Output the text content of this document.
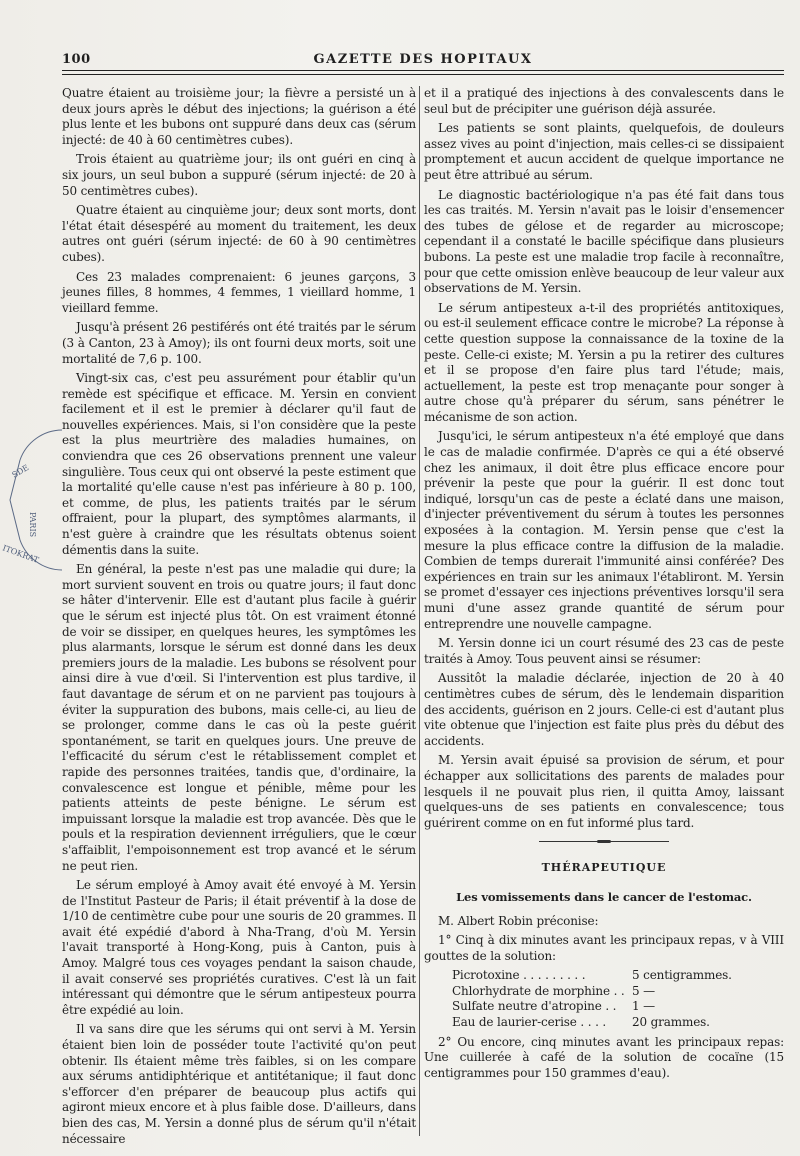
100	GAZETTE DES HOPITAUX
SDE
PARIS
ITOKRAT

Quatre étaient au troisième jour; la fièvre a persisté un à deux jours après le début des injections; la guérison a été plus lente et les bubons ont suppuré dans deux cas (sérum injecté: de 40 à 60 centimètres cubes).

Trois étaient au quatrième jour; ils ont guéri en cinq à six jours, un seul bubon a suppuré (sérum injecté: de 20 à 50 centimètres cubes).

Quatre étaient au cinquième jour; deux sont morts, dont l'état était désespéré au moment du traitement, les deux autres ont guéri (sérum injecté: de 60 à 90 centimètres cubes).

Ces 23 malades comprenaient: 6 jeunes garçons, 3 jeunes filles, 8 hommes, 4 femmes, 1 vieillard homme, 1 vieillard femme.

Jusqu'à présent 26 pestiférés ont été traités par le sérum (3 à Canton, 23 à Amoy); ils ont fourni deux morts, soit une mortalité de 7,6 p. 100.

Vingt-six cas, c'est peu assurément pour établir qu'un remède est spécifique et efficace. M. Yersin en convient facilement et il est le premier à déclarer qu'il faut de nouvelles expériences. Mais, si l'on considère que la peste est la plus meurtrière des maladies humaines, on conviendra que ces 26 observations prennent une valeur singulière. Tous ceux qui ont observé la peste estiment que la mortalité qu'elle cause n'est pas inférieure à 80 p. 100, et comme, de plus, les patients traités par le sérum offraient, pour la plupart, des symptômes alarmants, il n'est guère à craindre que les résultats obtenus soient démentis dans la suite.

En général, la peste n'est pas une maladie qui dure; la mort survient souvent en trois ou quatre jours; il faut donc se hâter d'intervenir. Elle est d'autant plus facile à guérir que le sérum est injecté plus tôt. On est vraiment étonné de voir se dissiper, en quelques heures, les symptômes les plus alarmants, lorsque le sérum est donné dans les deux premiers jours de la maladie. Les bubons se résolvent pour ainsi dire à vue d'œil. Si l'intervention est plus tardive, il faut davantage de sérum et on ne parvient pas toujours à éviter la suppuration des bubons, mais celle-ci, au lieu de se prolonger, comme dans le cas où la peste guérit spontanément, se tarit en quelques jours. Une preuve de l'efficacité du sérum c'est le rétablissement complet et rapide des personnes traitées, tandis que, d'ordinaire, la convalescence est longue et pénible, même pour les patients atteints de peste bénigne. Le sérum est impuissant lorsque la maladie est trop avancée. Dès que le pouls et la respiration deviennent irréguliers, que le cœur s'affaiblit, l'empoisonnement est trop avancé et le sérum ne peut rien.

Le sérum employé à Amoy avait été envoyé à M. Yersin de l'Institut Pasteur de Paris; il était préventif à la dose de 1/10 de centimètre cube pour une souris de 20 grammes. Il avait été expédié d'abord à Nha-Trang, d'où M. Yersin l'avait transporté à Hong-Kong, puis à Canton, puis à Amoy. Malgré tous ces voyages pendant la saison chaude, il avait conservé ses propriétés curatives. C'est là un fait intéressant qui démontre que le sérum antipesteux pourra être expédié au loin.

Il va sans dire que les sérums qui ont servi à M. Yersin étaient bien loin de posséder toute l'activité qu'on peut obtenir. Ils étaient même très faibles, si on les compare aux sérums antidiphtérique et antitétanique; il faut donc s'efforcer d'en préparer de beaucoup plus actifs qui agiront mieux encore et à plus faible dose. D'ailleurs, dans bien des cas, M. Yersin a donné plus de sérum qu'il n'était nécessaire

et il a pratiqué des injections à des convalescents dans le seul but de précipiter une guérison déjà assurée.

Les patients se sont plaints, quelquefois, de douleurs assez vives au point d'injection, mais celles-ci se dissipaient promptement et aucun accident de quelque importance ne peut être attribué au sérum.

Le diagnostic bactériologique n'a pas été fait dans tous les cas traités. M. Yersin n'avait pas le loisir d'ensemencer des tubes de gélose et de regarder au microscope; cependant il a constaté le bacille spécifique dans plusieurs bubons. La peste est une maladie trop facile à reconnaître, pour que cette omission enlève beaucoup de leur valeur aux observations de M. Yersin.

Le sérum antipesteux a-t-il des propriétés antitoxiques, ou est-il seulement efficace contre le microbe? La réponse à cette question suppose la connaissance de la toxine de la peste. Celle-ci existe; M. Yersin a pu la retirer des cultures et il se propose d'en faire plus tard l'étude; mais, actuellement, la peste est trop menaçante pour songer à autre chose qu'à préparer du sérum, sans pénétrer le mécanisme de son action.

Jusqu'ici, le sérum antipesteux n'a été employé que dans le cas de maladie confirmée. D'après ce qui a été observé chez les animaux, il doit être plus efficace encore pour prévenir la peste que pour la guérir. Il est donc tout indiqué, lorsqu'un cas de peste a éclaté dans une maison, d'injecter préventivement du sérum à toutes les personnes exposées à la contagion. M. Yersin pense que c'est la mesure la plus efficace contre la diffusion de la maladie. Combien de temps durerait l'immunité ainsi conférée? Des expériences en train sur les animaux l'établiront. M. Yersin se promet d'essayer ces injections préventives lorsqu'il sera muni d'une assez grande quantité de sérum pour entreprendre une nouvelle campagne.

M. Yersin donne ici un court résumé des 23 cas de peste traités à Amoy. Tous peuvent ainsi se résumer:

Aussitôt la maladie déclarée, injection de 20 à 40 centimètres cubes de sérum, dès le lendemain disparition des accidents, guérison en 2 jours. Celle-ci est d'autant plus vite obtenue que l'injection est faite plus près du début des accidents.

M. Yersin avait épuisé sa provision de sérum, et pour échapper aux sollicitations des parents de malades pour lesquels il ne pouvait plus rien, il quitta Amoy, laissant quelques-uns de ses patients en convalescence; tous guérirent comme on en fut informé plus tard.

THÉRAPEUTIQUE
Les vomissements dans le cancer de l'estomac.

M. Albert Robin préconise:

1° Cinq à dix minutes avant les principaux repas, v à VIII gouttes de la solution:

Picrotoxine . . . . . . . . .	5 centigrammes.
Chlorhydrate de morphine . . 5 —
Sulfate neutre d'atropine . .	1 —
Eau de laurier-cerise . . . .	20 grammes.

2° Ou encore, cinq minutes avant les principaux repas: Une cuillerée à café de la solution de cocaïne (15 centigrammes pour 150 grammes d'eau).
